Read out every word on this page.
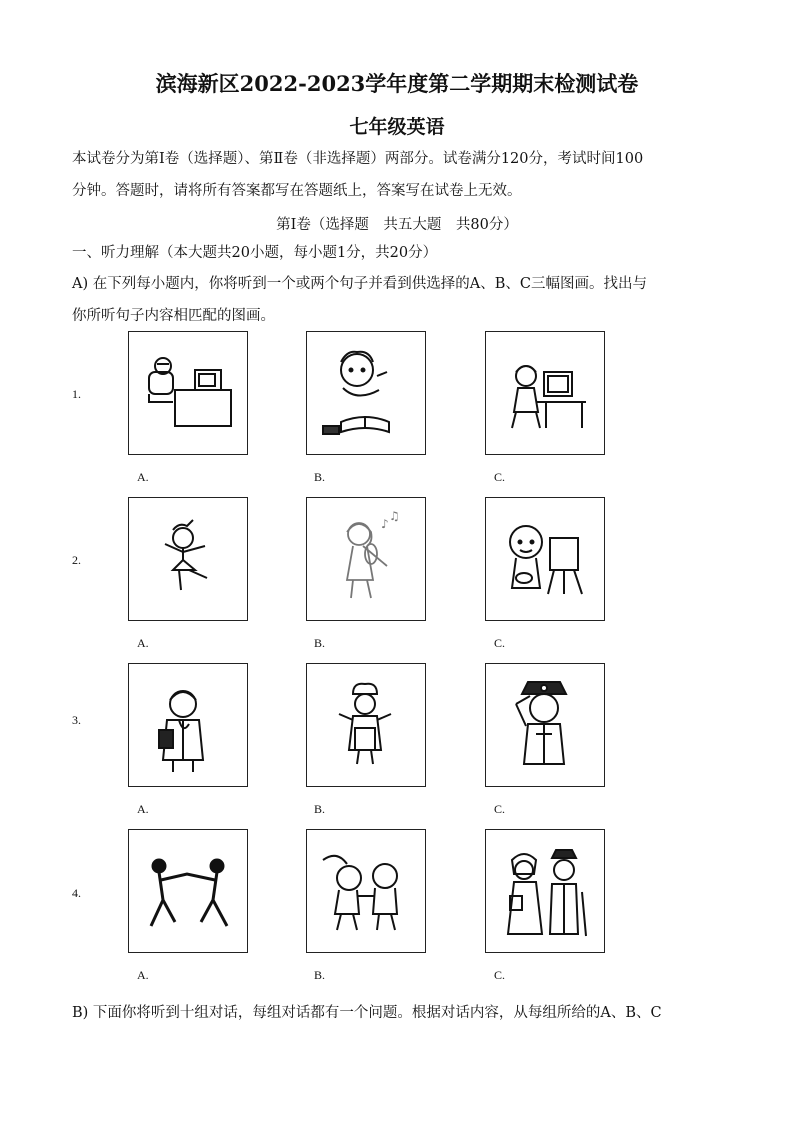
滨海新区2022-2023学年度第二学期期末检测试卷
七年级英语
本试卷分为第Ⅰ卷（选择题）、第Ⅱ卷（非选择题）两部分。试卷满分120分，考试时间100
分钟。答题时，请将所有答案都写在答题纸上，答案写在试卷上无效。
第Ⅰ卷（选择题　共五大题　共80分）
一、听力理解（本大题共20小题，每小题1分，共20分）
A) 在下列每小题内，你将听到一个或两个句子并看到供选择的A、B、C三幅图画。找出与
你所听句子内容相匹配的图画。
1.
A.	B.	C.
2.
A.
♪
♫
B.	C.
3.
A.	B.	C.
4.
A.	B.	C.
B) 下面你将听到十组对话，每组对话都有一个问题。根据对话内容，从每组所给的A、B、C
